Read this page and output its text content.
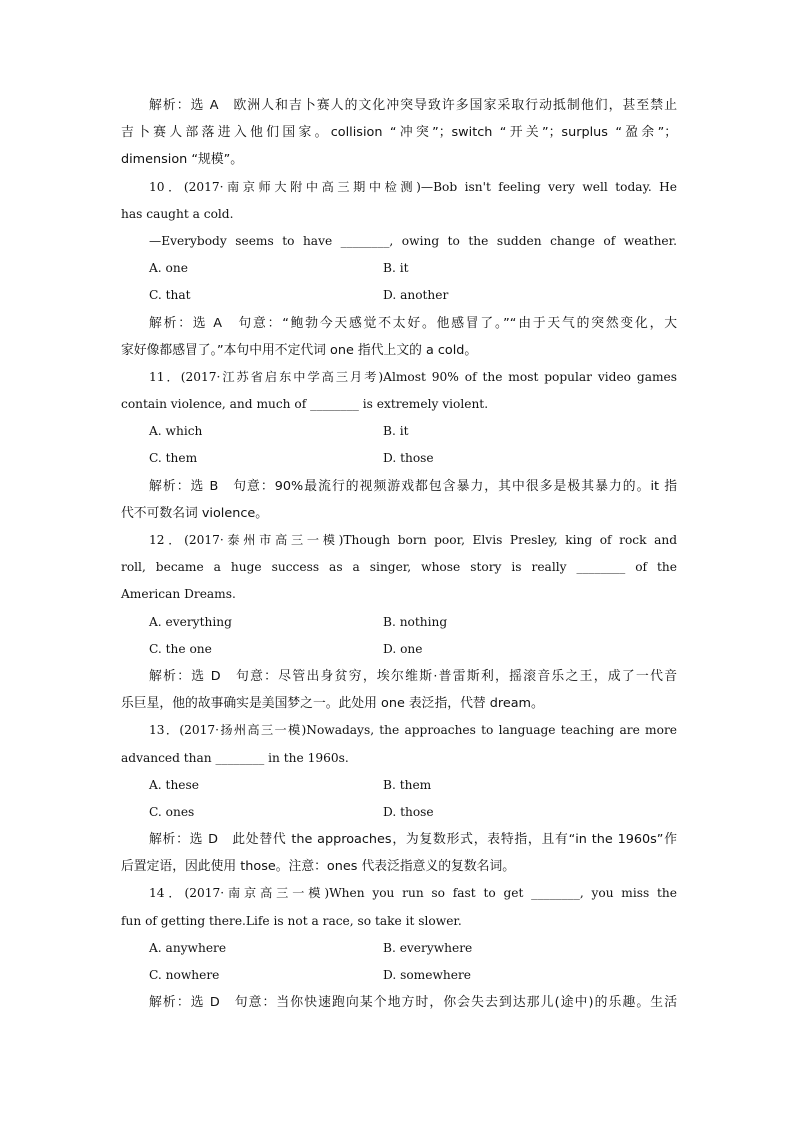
解析：选 A　欧洲人和吉卜赛人的文化冲突导致许多国家采取行动抵制他们，甚至禁止
吉卜赛人部落进入他们国家。collision “冲突”；switch “开关”；surplus “盈余”；
dimension “规模”。
10．(2017·南京师大附中高三期中检测)—Bob isn't feeling very well today. He
has caught a cold.
—Everybody seems to have ________, owing to the sudden change of weather.
A. one	B. it
C. that	D. another
解析：选 A　句意：“鲍勃今天感觉不太好。他感冒了。”“由于天气的突然变化，大
家好像都感冒了。”本句中用不定代词 one 指代上文的 a cold。
11．(2017·江苏省启东中学高三月考)Almost 90% of the most popular video games
contain violence, and much of ________ is extremely violent.
A. which	B. it
C. them	D. those
解析：选 B　句意：90%最流行的视频游戏都包含暴力，其中很多是极其暴力的。it 指
代不可数名词 violence。
12．(2017·泰州市高三一模)Though born poor, Elvis Presley, king of rock and
roll, became a huge success as a singer, whose story is really ________ of the
American Dreams.
A. everything	B. nothing
C. the one	D. one
解析：选 D　句意：尽管出身贫穷，埃尔维斯·普雷斯利，摇滚音乐之王，成了一代音
乐巨星，他的故事确实是美国梦之一。此处用 one 表泛指，代替 dream。
13．(2017·扬州高三一模)Nowadays, the approaches to language teaching are more
advanced than ________ in the 1960s.
A. these	B. them
C. ones	D. those
解析：选 D　此处替代 the approaches，为复数形式，表特指，且有“in the 1960s”作
后置定语，因此使用 those。注意：ones 代表泛指意义的复数名词。
14．(2017·南京高三一模)When you run so fast to get ________, you miss the
fun of getting there.Life is not a race, so take it slower.
A. anywhere	B. everywhere
C. nowhere	D. somewhere
解析：选 D　句意：当你快速跑向某个地方时，你会失去到达那儿(途中)的乐趣。生活
